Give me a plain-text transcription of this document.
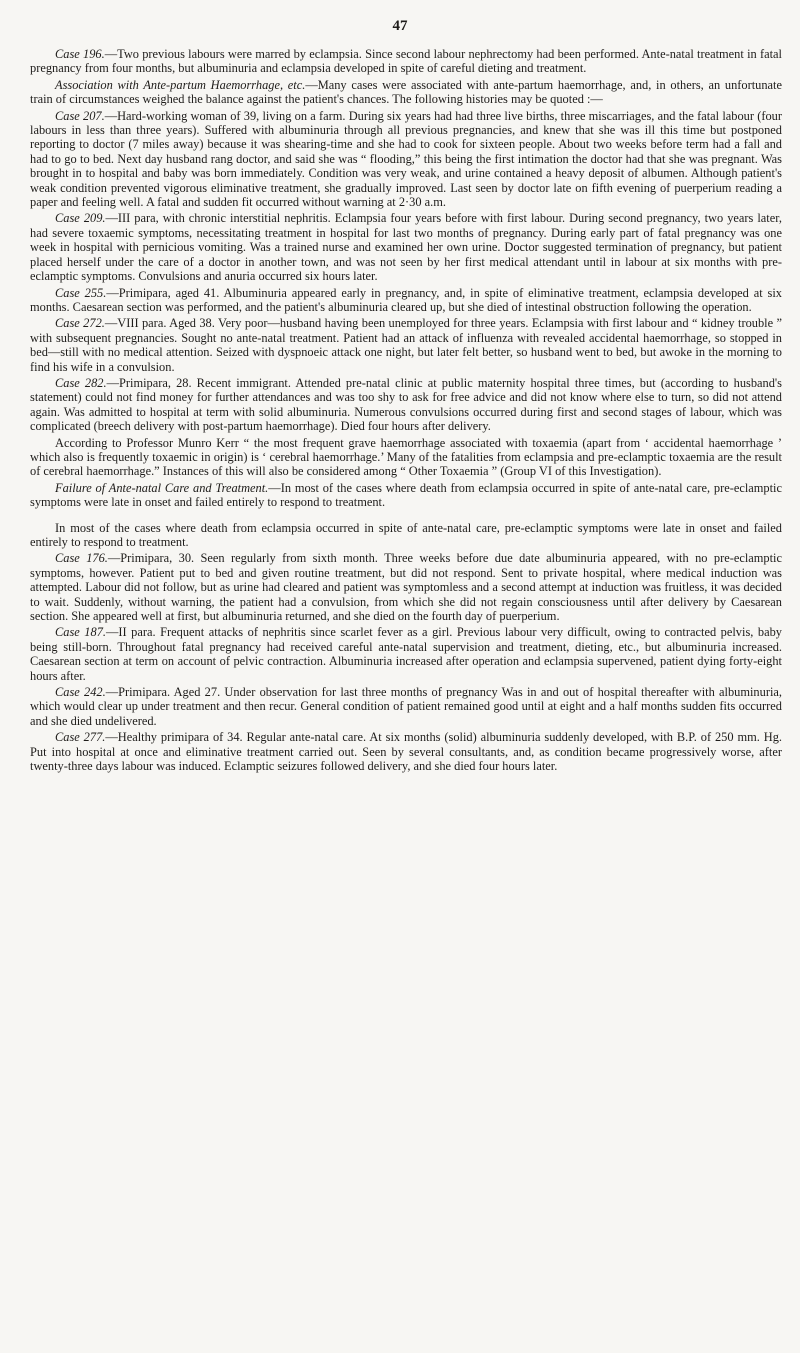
47

Case 196.—Two previous labours were marred by eclampsia. Since second labour nephrectomy had been performed. Ante-natal treatment in fatal pregnancy from four months, but albuminuria and eclampsia developed in spite of careful dieting and treatment.

Association with Ante-partum Haemorrhage, etc.—Many cases were associated with ante-partum haemorrhage, and, in others, an unfortunate train of circumstances weighed the balance against the patient's chances. The following histories may be quoted :—

Case 207.—Hard-working woman of 39, living on a farm. During six years had had three live births, three miscarriages, and the fatal labour (four labours in less than three years). Suffered with albuminuria through all previous pregnancies, and knew that she was ill this time but postponed reporting to doctor (7 miles away) because it was shearing-time and she had to cook for sixteen people. About two weeks before term had a fall and had to go to bed. Next day husband rang doctor, and said she was “ flooding,” this being the first intimation the doctor had that she was pregnant. Was brought in to hospital and baby was born immediately. Condition was very weak, and urine contained a heavy deposit of albumen. Although patient's weak condition prevented vigorous eliminative treatment, she gradually improved. Last seen by doctor late on fifth evening of puerperium reading a paper and feeling well. A fatal and sudden fit occurred without warning at 2·30 a.m.

Case 209.—III para, with chronic interstitial nephritis. Eclampsia four years before with first labour. During second pregnancy, two years later, had severe toxaemic symptoms, necessitating treatment in hospital for last two months of pregnancy. During early part of fatal pregnancy was one week in hospital with pernicious vomiting. Was a trained nurse and examined her own urine. Doctor suggested termination of pregnancy, but patient placed herself under the care of a doctor in another town, and was not seen by her first medical attendant until in labour at six months with pre-eclamptic symptoms. Convulsions and anuria occurred six hours later.

Case 255.—Primipara, aged 41. Albuminuria appeared early in pregnancy, and, in spite of eliminative treatment, eclampsia developed at six months. Caesarean section was performed, and the patient's albuminuria cleared up, but she died of intestinal obstruction following the operation.

Case 272.—VIII para. Aged 38. Very poor—husband having been unemployed for three years. Eclampsia with first labour and “ kidney trouble ” with subsequent pregnancies. Sought no ante-natal treatment. Patient had an attack of influenza with revealed accidental haemorrhage, so stopped in bed—still with no medical attention. Seized with dyspnoeic attack one night, but later felt better, so husband went to bed, but awoke in the morning to find his wife in a convulsion.

Case 282.—Primipara, 28. Recent immigrant. Attended pre-natal clinic at public maternity hospital three times, but (according to husband's statement) could not find money for further attendances and was too shy to ask for free advice and did not know where else to turn, so did not attend again. Was admitted to hospital at term with solid albuminuria. Numerous convulsions occurred during first and second stages of labour, which was complicated (breech delivery with post-partum haemorrhage). Died four hours after delivery.

According to Professor Munro Kerr “ the most frequent grave haemorrhage associated with toxaemia (apart from ‘ accidental haemorrhage ’ which also is frequently toxaemic in origin) is ‘ cerebral haemorrhage.’ Many of the fatalities from eclampsia and pre-eclamptic toxaemia are the result of cerebral haemorrhage.” Instances of this will also be considered among “ Other Toxaemia ” (Group VI of this Investigation).

Failure of Ante-natal Care and Treatment.—In most of the cases where death from eclampsia occurred in spite of ante-natal care, pre-eclamptic symptoms were late in onset and failed entirely to respond to treatment.

In most of the cases where death from eclampsia occurred in spite of ante-natal care, pre-eclamptic symptoms were late in onset and failed entirely to respond to treatment.

Case 176.—Primipara, 30. Seen regularly from sixth month. Three weeks before due date albuminuria appeared, with no pre-eclamptic symptoms, however. Patient put to bed and given routine treatment, but did not respond. Sent to private hospital, where medical induction was attempted. Labour did not follow, but as urine had cleared and patient was symptomless and a second attempt at induction was fruitless, it was decided to wait. Suddenly, without warning, the patient had a convulsion, from which she did not regain consciousness until after delivery by Caesarean section. She appeared well at first, but albuminuria returned, and she died on the fourth day of puerperium.

Case 187.—II para. Frequent attacks of nephritis since scarlet fever as a girl. Previous labour very difficult, owing to contracted pelvis, baby being still-born. Throughout fatal pregnancy had received careful ante-natal supervision and treatment, dieting, etc., but albuminuria increased. Caesarean section at term on account of pelvic contraction. Albuminuria increased after operation and eclampsia supervened, patient dying forty-eight hours after.

Case 242.—Primipara. Aged 27. Under observation for last three months of pregnancy Was in and out of hospital thereafter with albuminuria, which would clear up under treatment and then recur. General condition of patient remained good until at eight and a half months sudden fits occurred and she died undelivered.

Case 277.—Healthy primipara of 34. Regular ante-natal care. At six months (solid) albuminuria suddenly developed, with B.P. of 250 mm. Hg. Put into hospital at once and eliminative treatment carried out. Seen by several consultants, and, as condition became progressively worse, after twenty-three days labour was induced. Eclamptic seizures followed delivery, and she died four hours later.
